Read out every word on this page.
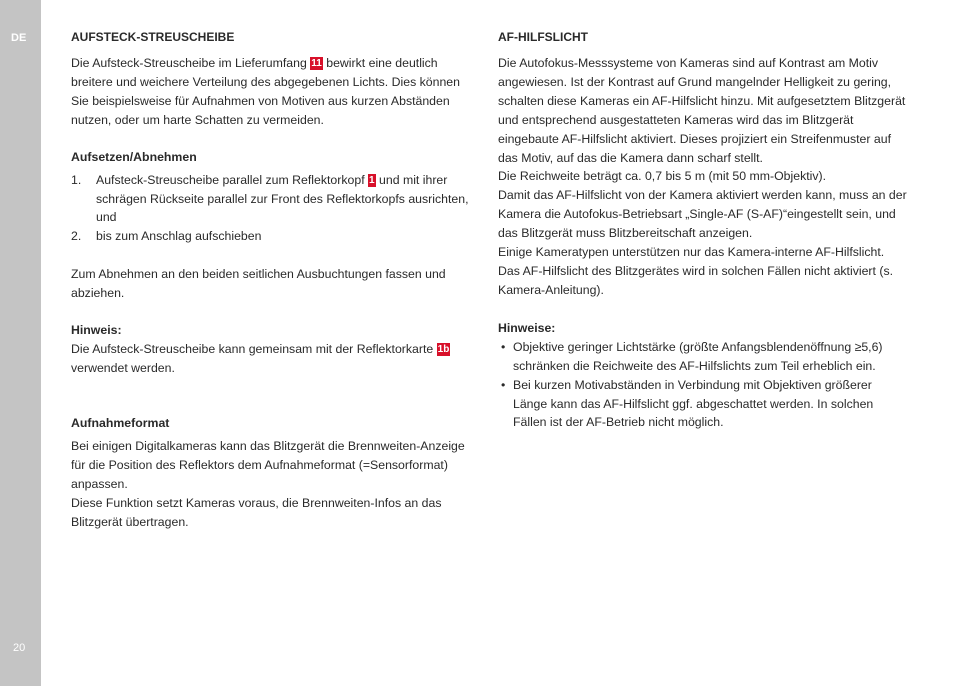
DE
20
AUFSTECK-STREUSCHEIBE

Die Aufsteck-Streuscheibe im Lieferumfang 11 bewirkt eine deutlich breitere und weichere Verteilung des abgegebenen Lichts. Dies können Sie beispielsweise für Aufnahmen von Motiven aus kurzen Abständen nutzen, oder um harte Schatten zu vermeiden.

Aufsetzen/Abnehmen
1. Aufsteck-Streuscheibe parallel zum Reflektorkopf 1 und mit ihrer schrägen Rückseite parallel zur Front des Reflektorkopfs ausrichten, und
2. bis zum Anschlag aufschieben

Zum Abnehmen an den beiden seitlichen Ausbuchtungen fassen und abziehen.

Hinweis:

Die Aufsteck-Streuscheibe kann gemeinsam mit der Reflektorkarte 1b verwendet werden.

Aufnahmeformat

Bei einigen Digitalkameras kann das Blitzgerät die Brennweiten-Anzeige für die Position des Reflektors dem Aufnahmeformat (=Sensorformat) anpassen.

Diese Funktion setzt Kameras voraus, die Brennweiten-Infos an das Blitzgerät übertragen.

AF-HILFSLICHT

Die Autofokus-Messsysteme von Kameras sind auf Kontrast am Motiv angewiesen. Ist der Kontrast auf Grund mangelnder Helligkeit zu gering, schalten diese Kameras ein AF-Hilfslicht hinzu. Mit aufgesetztem Blitzgerät und entsprechend ausgestatteten Kameras wird das im Blitzgerät eingebaute AF-Hilfslicht aktiviert. Dieses projiziert ein Streifenmuster auf das Motiv, auf das die Kamera dann scharf stellt.

Die Reichweite beträgt ca. 0,7 bis 5 m (mit 50 mm-Objektiv).

Damit das AF-Hilfslicht von der Kamera aktiviert werden kann, muss an der Kamera die Autofokus-Betriebsart „Single-AF (S-AF)“eingestellt sein, und das Blitzgerät muss Blitzbereitschaft anzeigen.

Einige Kameratypen unterstützen nur das Kamera-interne AF-Hilfslicht. Das AF-Hilfslicht des Blitzgerätes wird in solchen Fällen nicht aktiviert (s. Kamera-Anleitung).

Hinweise:
• Objektive geringer Lichtstärke (größte Anfangsblendenöffnung ≥5,6) schränken die Reichweite des AF-Hilfslichts zum Teil erheblich ein.
• Bei kurzen Motivabständen in Verbindung mit Objektiven größerer Länge kann das AF-Hilfslicht ggf. abgeschattet werden. In solchen Fällen ist der AF-Betrieb nicht möglich.
